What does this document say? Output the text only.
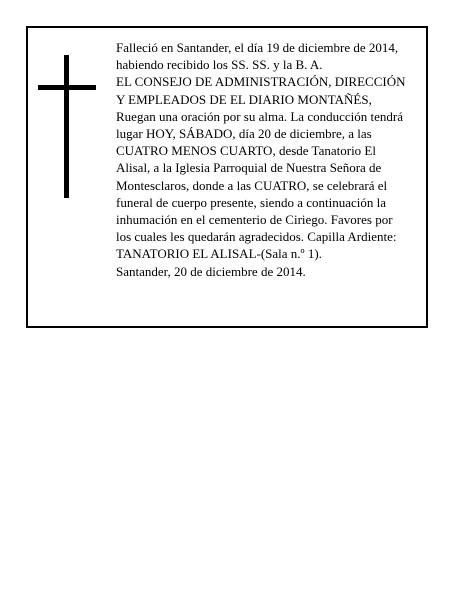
Falleció en Santander, el día 19 de diciembre de 2014,
habiendo recibido los SS. SS. y la B. A.
EL CONSEJO DE ADMINISTRACIÓN, DIRECCIÓN
Y EMPLEADOS DE EL DIARIO MONTAÑÉS,
Ruegan una oración por su alma. La conducción tendrá
lugar HOY, SÁBADO, día 20 de diciembre, a las
CUATRO MENOS CUARTO, desde Tanatorio El
Alisal, a la Iglesia Parroquial de Nuestra Señora de
Montesclaros, donde a las CUATRO, se celebrará el
funeral de cuerpo presente, siendo a continuación la
inhumación en el cementerio de Ciriego. Favores por
los cuales les quedarán agradecidos. Capilla Ardiente:
TANATORIO EL ALISAL-(Sala n.º 1).
Santander, 20 de diciembre de 2014.
